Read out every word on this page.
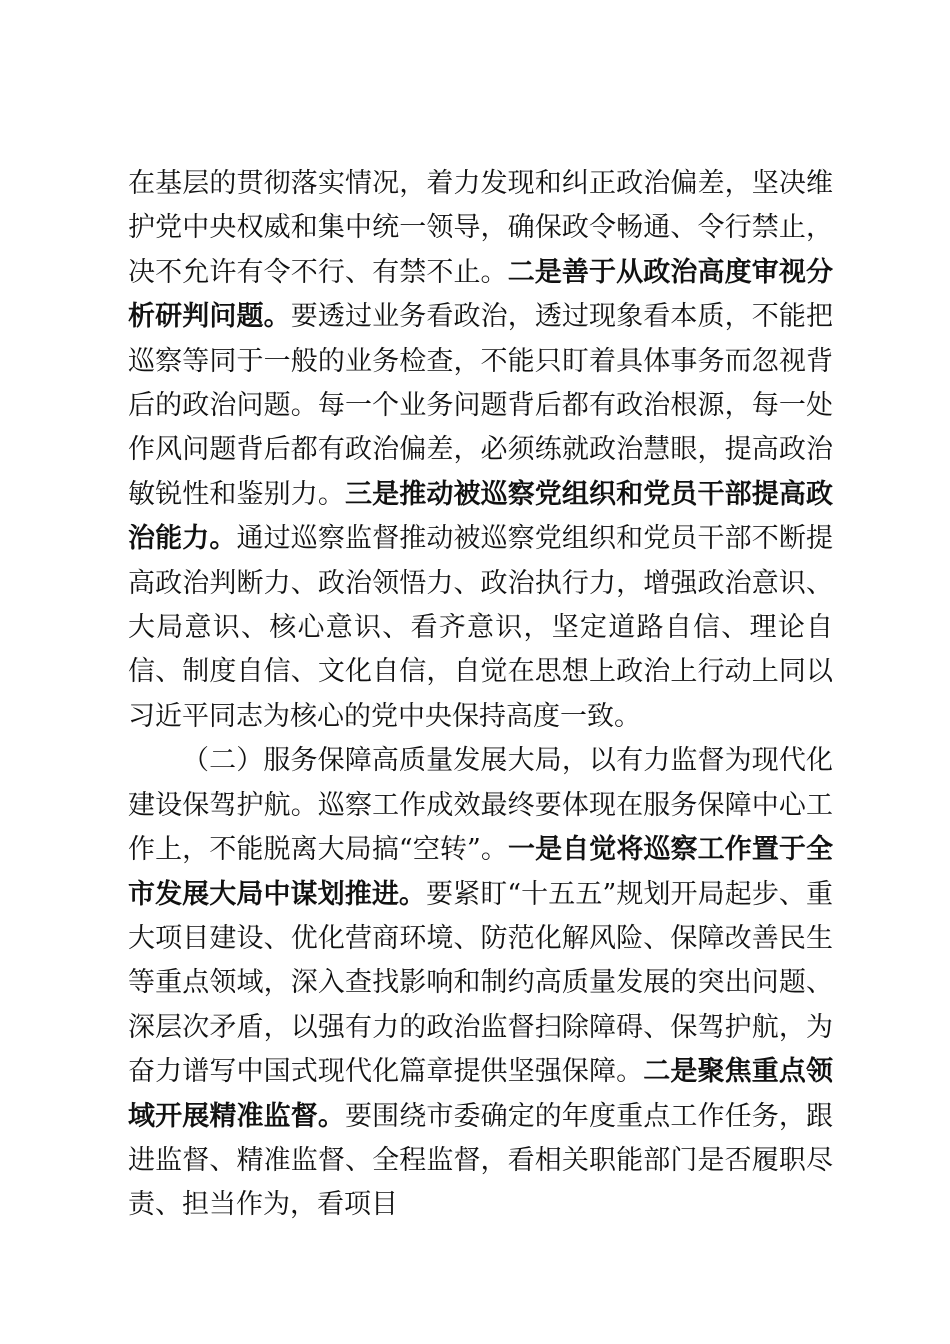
在基层的贯彻落实情况，着力发现和纠正政治偏差，坚决维护党中央权威和集中统一领导，确保政令畅通、令行禁止，决不允许有令不行、有禁不止。二是善于从政治高度审视分析研判问题。要透过业务看政治，透过现象看本质，不能把巡察等同于一般的业务检查，不能只盯着具体事务而忽视背后的政治问题。每一个业务问题背后都有政治根源，每一处作风问题背后都有政治偏差，必须练就政治慧眼，提高政治敏锐性和鉴别力。三是推动被巡察党组织和党员干部提高政治能力。通过巡察监督推动被巡察党组织和党员干部不断提高政治判断力、政治领悟力、政治执行力，增强政治意识、大局意识、核心意识、看齐意识，坚定道路自信、理论自信、制度自信、文化自信，自觉在思想上政治上行动上同以习近平同志为核心的党中央保持高度一致。

（二）服务保障高质量发展大局，以有力监督为现代化建设保驾护航。巡察工作成效最终要体现在服务保障中心工作上，不能脱离大局搞“空转”。一是自觉将巡察工作置于全市发展大局中谋划推进。要紧盯“十五五”规划开局起步、重大项目建设、优化营商环境、防范化解风险、保障改善民生等重点领域，深入查找影响和制约高质量发展的突出问题、深层次矛盾，以强有力的政治监督扫除障碍、保驾护航，为奋力谱写中国式现代化篇章提供坚强保障。二是聚焦重点领域开展精准监督。要围绕市委确定的年度重点工作任务，跟进监督、精准监督、全程监督，看相关职能部门是否履职尽责、担当作为，看项目
